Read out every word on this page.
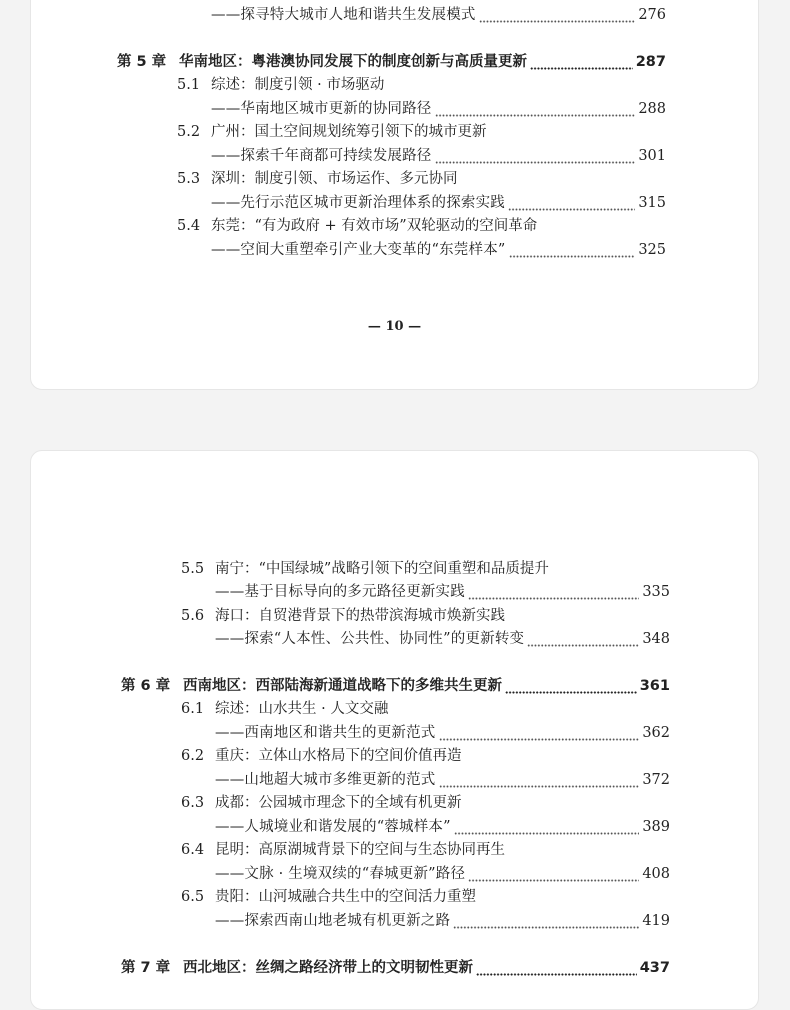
——探寻特大城市人地和谐共生发展模式	276
第 5 章 华南地区：粤港澳协同发展下的制度创新与高质量更新	287
5.1 综述：制度引领 · 市场驱动
——华南地区城市更新的协同路径	288
5.2 广州：国土空间规划统筹引领下的城市更新
——探索千年商都可持续发展路径	301
5.3 深圳：制度引领、市场运作、多元协同
——先行示范区城市更新治理体系的探索实践	315
5.4 东莞：“有为政府 + 有效市场”双轮驱动的空间革命
——空间大重塑牵引产业大变革的“东莞样本”	325
— 10 —
5.5 南宁：“中国绿城”战略引领下的空间重塑和品质提升
——基于目标导向的多元路径更新实践	335
5.6 海口：自贸港背景下的热带滨海城市焕新实践
——探索“人本性、公共性、协同性”的更新转变	348
第 6 章 西南地区：西部陆海新通道战略下的多维共生更新	361
6.1 综述：山水共生 · 人文交融
——西南地区和谐共生的更新范式	362
6.2 重庆：立体山水格局下的空间价值再造
——山地超大城市多维更新的范式	372
6.3 成都：公园城市理念下的全域有机更新
——人城境业和谐发展的“蓉城样本”	389
6.4 昆明：高原湖城背景下的空间与生态协同再生
——文脉 · 生境双续的“春城更新”路径	408
6.5 贵阳：山河城融合共生中的空间活力重塑
——探索西南山地老城有机更新之路	419
第 7 章 西北地区：丝绸之路经济带上的文明韧性更新	437
